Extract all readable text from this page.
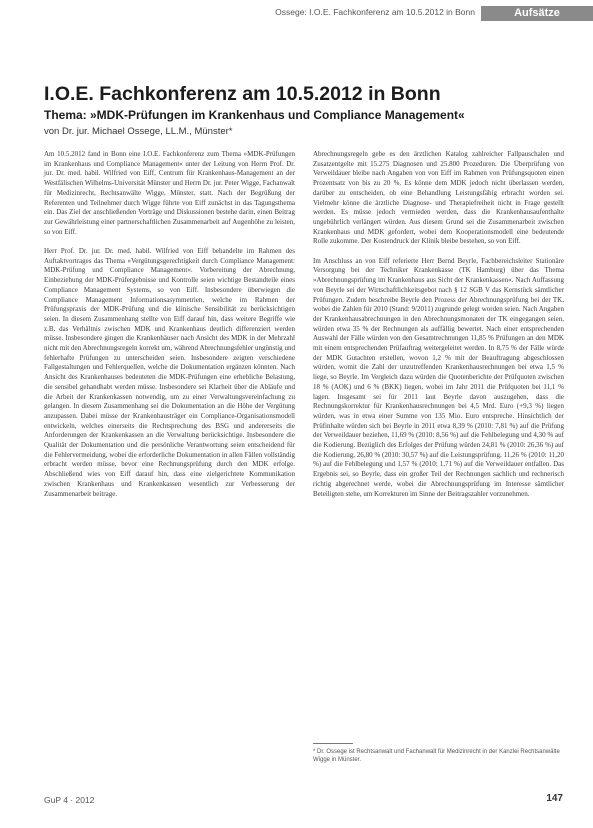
Ossege: I.O.E. Fachkonferenz am 10.5.2012 in Bonn	Aufsätze
I.O.E. Fachkonferenz am 10.5.2012 in Bonn
Thema: »MDK-Prüfungen im Krankenhaus und Compliance Management«
von Dr. jur. Michael Ossege, LL.M., Münster*

Am 10.5.2012 fand in Bonn eine I.O.E. Fachkonferenz zum Thema »MDK-Prüfungen im Krankenhaus und Compliance Management« unter der Leitung von Herrn Prof. Dr. jur. Dr. med. habil. Wilfried von Eiff, Centrum für Krankenhaus-Management an der Westfälischen Wilhelms-Universität Münster und Herrn Dr. jur. Peter Wigge, Fachanwalt für Medizinrecht, Rechtsanwälte Wigge, Münster, statt. Nach der Begrüßung der Referenten und Teilnehmer durch Wigge führte von Eiff zunächst in das Tagungsthema ein. Das Ziel der anschließenden Vorträge und Diskussionen bestehe darin, einen Beitrag zur Gewährleistung einer partnerschaftlichen Zusammenarbeit auf Augenhöhe zu leisten, so von Eiff.

Herr Prof. Dr. jur. Dr. med. habil. Wilfried von Eiff behandelte im Rahmen des Auftaktvortrages das Thema »Vergütungsgerechtigkeit durch Compliance Management: MDK-Prüfung und Compliance Management«. Vorbereitung der Abrechnung, Einbeziehung der MDK-Prüfergebnisse und Kontrolle seien wichtige Bestandteile eines Compliance Management Systems, so von Eiff. Insbesondere überwiegen die Compliance Management Informationsasymmetrien, welche im Rahmen der Prüfungspraxis der MDK-Prüfung und die klinische Sensibilität zu berücksichtigen seien. In diesem Zusammenhang stellte von Eiff darauf hin, dass weitere Begriffe wie z.B. das Verhältnis zwischen MDK und Krankenhaus deutlich differenziert werden müsse. Insbesondere gingen die Krankenhäuser nach Ansicht des MDK in der Mehrzahl nicht mit den Abrechnungsregeln korrekt um, während Abrechnungsfehler ungünstig und fehlerhafte Prüfungen zu unterscheiden seien. Insbesondere zeigten verschiedene Fallgestaltungen und Fehlerquellen, welche die Dokumentation ergänzen könnten. Nach Ansicht des Krankenhauses bedeuteten die MDK-Prüfungen eine erhebliche Belastung, die sensibel gehandhabt werden müsse. Insbesondere sei Klarheit über die Abläufe und die Arbeit der Krankenkassen notwendig, um zu einer Verwaltungsvereinfachung zu gelangen. In diesem Zusammenhang sei die Dokumentation an die Höhe der Vergütung anzupassen. Dabei müsse der Krankenhausträger ein Compliance-Organisationsmodell entwickeln, welches einerseits die Rechtsprechung des BSG und andererseits die Anforderungen der Krankenkassen an die Verwaltung berücksichtige. Insbesondere die Qualität der Dokumentation und die persönliche Verantwortung seien entscheidend für die Fehlervermeidung, wobei die erforderliche Dokumentation in allen Fällen vollständig erbracht werden müsse, bevor eine Rechnungsprüfung durch den MDK erfolge. Abschließend wies von Eiff darauf hin, dass eine zielgerichtete Kommunikation zwischen Krankenhaus und Krankenkassen wesentlich zur Verbesserung der Zusammenarbeit beitrage.

Abrechnungsregeln gebe es den ärztlichen Katalog zahlreicher Fallpauschalen und Zusatzentgelte mit 15.275 Diagnosen und 25.800 Prozeduren. Die Überprüfung von Verweildauer bleibe nach Angaben von von Eiff im Rahmen von Prüfungsquoten einen Prozentsatz von bis zu 20 %. Es könne dem MDK jedoch nicht überlassen werden, darüber zu entscheiden, ob eine Behandlung Leistungsfähig erbracht worden sei. Vielmehr könne die ärztliche Diagnose- und Therapiefreiheit nicht in Frage gestellt werden. Es müsse jedoch vermieden werden, dass die Krankenhausaufenthalte ungebührlich verlängert würden. Aus diesem Grund sei die Zusammenarbeit zwischen Krankenhaus und MDK gefordert, wobei dem Kooperationsmodell eine bedeutende Rolle zukomme. Der Kostendruck der Klinik bleibe bestehen, so von Eiff.

Im Anschluss an von Eiff referierte Herr Bernd Beyrle, Fachbereichsleiter Stationäre Versorgung bei der Techniker Krankenkasse (TK Hamburg) über das Thema »Abrechnungsprüfung im Krankenhaus aus Sicht der Krankenkassen«. Nach Auffassung von Beyrle sei der Wirtschaftlichkeitsgebot nach § 12 SGB V das Kernstück sämtlicher Prüfungen. Zudem beschreibe Beyrle den Prozess der Abrechnungsprüfung bei der TK, wobei die Zahlen für 2010 (Stand: 9/2011) zugrunde gelegt worden seien. Nach Angaben der Krankenhausabrechnungen in den Abrechnungsmonaten der TK eingegangen seien, würden etwa 35 % der Rechnungen als auffällig bewertet. Nach einer entsprechenden Auswahl der Fälle würden von den Gesamtrechnungen 11,85 % Prüfungen an den MDK mit einem entsprechenden Prüfauftrag weitergeleitet werden. In 8,75 % der Fälle würde der MDK Gutachten erstellen, wovon 1,2 % mit der Beauftragung abgeschlossen würden, womit die Zahl der unzutreffenden Krankenhausrechnungen bei etwa 1,5 % liege, so Beyrle. Im Vergleich dazu würden die Quotenberichte der Prüfquoten zwischen 18 % (AOK) und 6 % (BKK) liegen, wobei im Jahr 2011 die Prüfquoten bei 11,1 % lagen. Insgesamt sei für 2011 laut Beyrle davon auszugehen, dass die Rechnungskorrektur für Krankenhausrechnungen bei 4,5 Mrd. Euro (+9,3 %) liegen würden, was in etwa einer Summe von 135 Mio. Euro entspreche. Hinsichtlich der Prüfinhalte würden sich bei Beyrle in 2011 etwa 8,39 % (2010: 7,81 %) auf die Prüfung der Verweildauer beziehen, 11,69 % (2010: 8,56 %) auf die Fehlbelegung und 4,30 % auf die Kodierung. Bezüglich des Erfolges der Prüfung würden 24,81 % (2010: 26,36 %) auf die Kodierung, 26,80 % (2010: 30,57 %) auf die Leistungsprüfung, 11,26 % (2010: 11,20 %) auf die Fehlbelegung und 1,57 % (2010: 1,71 %) auf die Verweildauer entfallen. Das Ergebnis sei, so Beyrle, dass ein großer Teil der Rechnungen sachlich und rechnerisch richtig abgerechnet werde, wobei die Abrechnungsprüfung im Interesse sämtlicher Beteiligten stehe, um Korrekturen im Sinne der Beitragszahler vorzunehmen.

* Dr. Ossege ist Rechtsanwalt und Fachanwalt für Medizinrecht in der Kanzlei Rechtsanwälte Wigge in Münster.
GuP 4 · 2012	147
